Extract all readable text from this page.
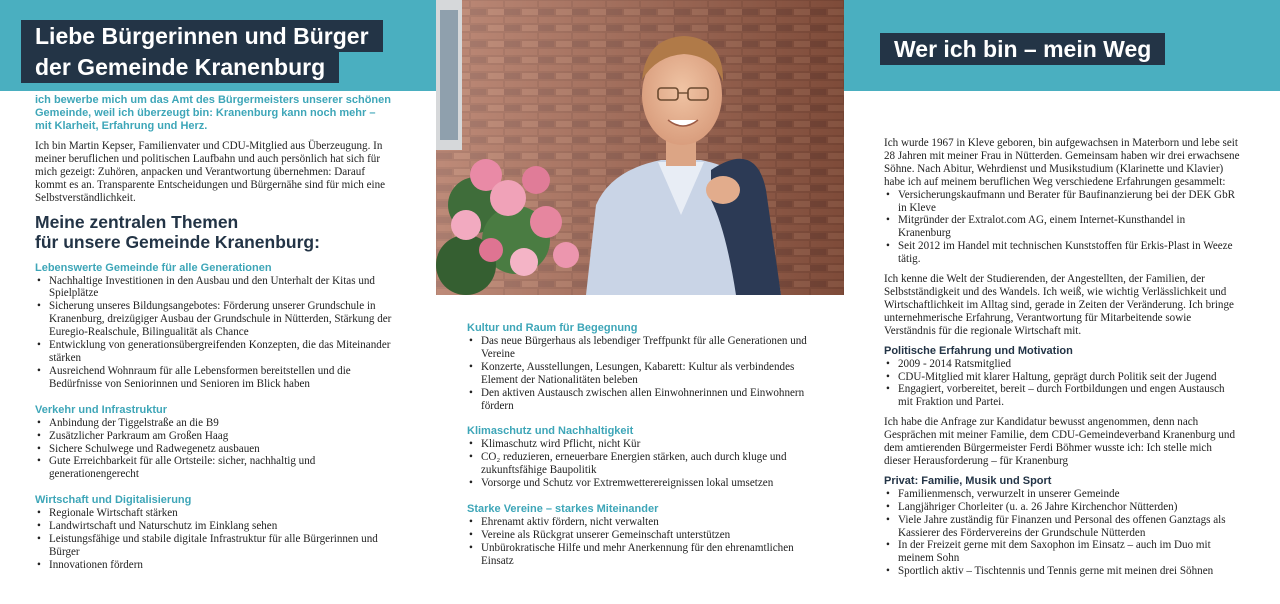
Liebe Bürgerinnen und Bürger
der Gemeinde Kranenburg
Wer ich bin – mein Weg

ich bewerbe mich um das Amt des Bürgermeisters unserer schönen Gemeinde, weil ich überzeugt bin: Kranenburg kann noch mehr – mit Klarheit, Erfahrung und Herz.

Ich bin Martin Kepser, Familienvater und CDU-Mitglied aus Überzeugung. In meiner beruflichen und politischen Laufbahn und auch persönlich hat sich für mich gezeigt: Zuhören, anpacken und Verantwortung übernehmen: Darauf kommt es an. Transparente Entscheidungen und Bürgernähe sind für mich eine Selbstverständlichkeit.

Meine zentralen Themen
für unsere Gemeinde Kranenburg:
Lebenswerte Gemeinde für alle Generationen
• Nachhaltige Investitionen in den Ausbau und den Unterhalt der Kitas und Spielplätze
• Sicherung unseres Bildungsangebotes: Förderung unserer Grundschule in Kranenburg, dreizügiger Ausbau der Grundschule in Nütterden, Stärkung der Euregio-Realschule, Bilingualität als Chance
• Entwicklung von generationsübergreifenden Konzepten, die das Miteinander stärken
• Ausreichend Wohnraum für alle Lebensformen bereitstellen und die Bedürfnisse von Seniorinnen und Senioren im Blick haben
Verkehr und Infrastruktur
• Anbindung der Tiggelstraße an die B9
• Zusätzlicher Parkraum am Großen Haag
• Sichere Schulwege und Radwegenetz ausbauen
• Gute Erreichbarkeit für alle Ortsteile: sicher, nachhaltig und generationengerecht
Wirtschaft und Digitalisierung
• Regionale Wirtschaft stärken
• Landwirtschaft und Naturschutz im Einklang sehen
• Leistungsfähige und stabile digitale Infrastruktur für alle Bürgerinnen und Bürger
• Innovationen fördern
Kultur und Raum für Begegnung
• Das neue Bürgerhaus als lebendiger Treffpunkt für alle Generationen und Vereine
• Konzerte, Ausstellungen, Lesungen, Kabarett: Kultur als verbindendes Element der Nationalitäten beleben
• Den aktiven Austausch zwischen allen Einwohnerinnen und Einwohnern fördern
Klimaschutz und Nachhaltigkeit
• Klimaschutz wird Pflicht, nicht Kür
• CO₂ reduzieren, erneuerbare Energien stärken, auch durch kluge und zukunftsfähige Baupolitik
• Vorsorge und Schutz vor Extremwetterereignissen lokal umsetzen
Starke Vereine – starkes Miteinander
• Ehrenamt aktiv fördern, nicht verwalten
• Vereine als Rückgrat unserer Gemeinschaft unterstützen
• Unbürokratische Hilfe und mehr Anerkennung für den ehrenamtlichen Einsatz

Ich wurde 1967 in Kleve geboren, bin aufgewachsen in Materborn und lebe seit 28 Jahren mit meiner Frau in Nütterden. Gemeinsam haben wir drei erwachsene Söhne. Nach Abitur, Wehrdienst und Musikstudium (Klarinette und Klavier) habe ich auf meinem beruflichen Weg verschiedene Erfahrungen gesammelt:

• Versicherungskaufmann und Berater für Baufinanzierung bei der DEK GbR in Kleve
• Mitgründer der Extralot.com AG, einem Internet-Kunsthandel in Kranenburg
• Seit 2012 im Handel mit technischen Kunststoffen für Erkis-Plast in Weeze tätig.

Ich kenne die Welt der Studierenden, der Angestellten, der Familien, der Selbstständigkeit und des Wandels. Ich weiß, wie wichtig Verlässlichkeit und Wirtschaftlichkeit im Alltag sind, gerade in Zeiten der Veränderung. Ich bringe unternehmerische Erfahrung, Verantwortung für Mitarbeitende sowie Verständnis für die regionale Wirtschaft mit.

Politische Erfahrung und Motivation
• 2009 - 2014 Ratsmitglied
• CDU-Mitglied mit klarer Haltung, geprägt durch Politik seit der Jugend
• Engagiert, vorbereitet, bereit – durch Fortbildungen und engen Austausch mit Fraktion und Partei.

Ich habe die Anfrage zur Kandidatur bewusst angenommen, denn nach Gesprächen mit meiner Familie, dem CDU-Gemeindeverband Kranenburg und dem amtierenden Bürgermeister Ferdi Böhmer wusste ich: Ich stelle mich dieser Herausforderung – für Kranenburg

Privat: Familie, Musik und Sport
• Familienmensch, verwurzelt in unserer Gemeinde
• Langjähriger Chorleiter (u. a. 26 Jahre Kirchenchor Nütterden)
• Viele Jahre zuständig für Finanzen und Personal des offenen Ganztags als Kassierer des Fördervereins der Grundschule Nütterden
• In der Freizeit gerne mit dem Saxophon im Einsatz – auch im Duo mit meinem Sohn
• Sportlich aktiv – Tischtennis und Tennis gerne mit meinen drei Söhnen
